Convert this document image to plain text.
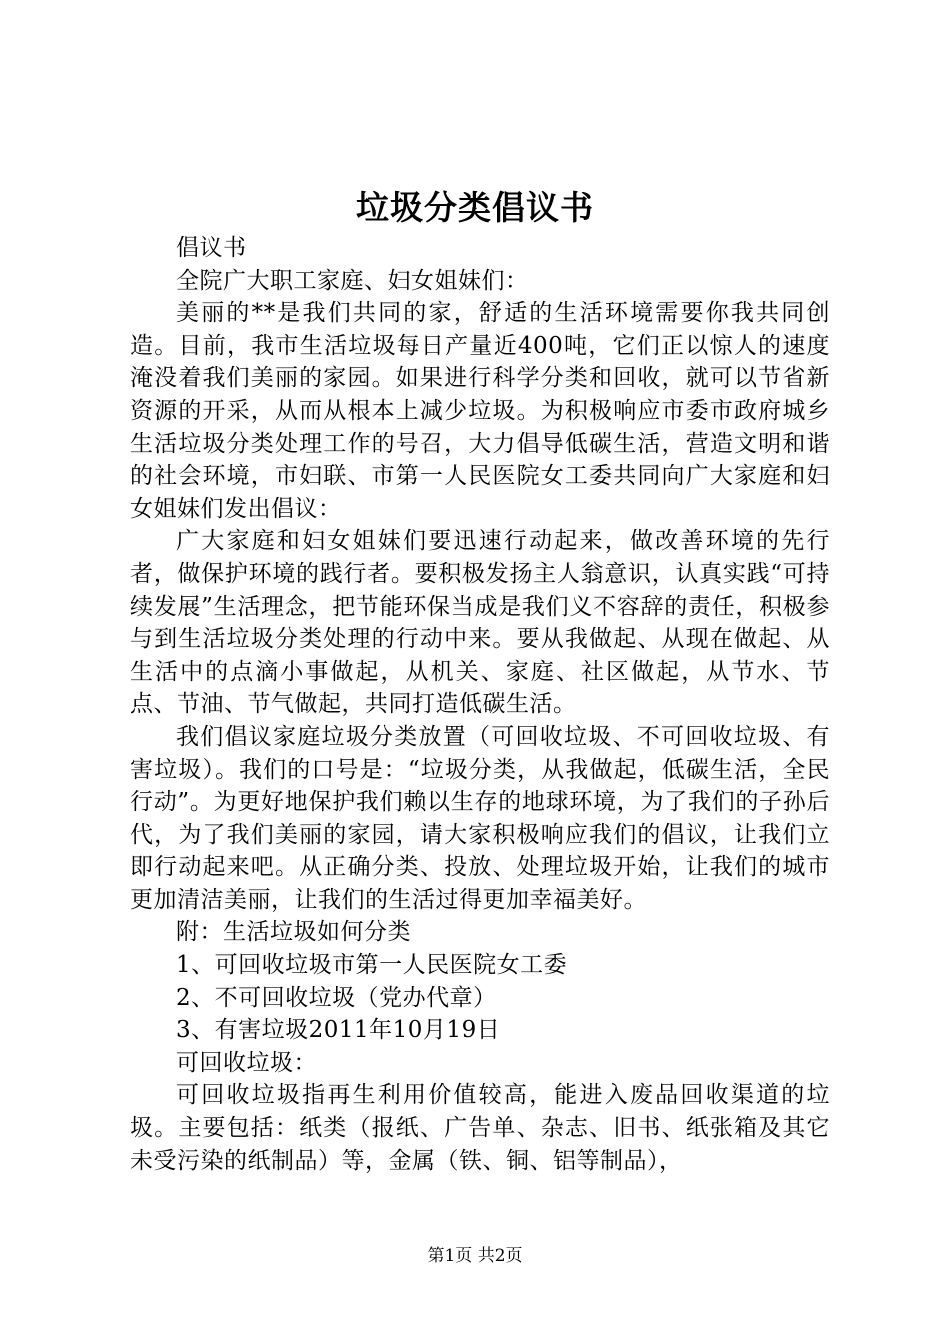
垃圾分类倡议书

倡议书

全院广大职工家庭、妇女姐妹们：

美丽的**是我们共同的家，舒适的生活环境需要你我共同创造。目前，我市生活垃圾每日产量近400吨，它们正以惊人的速度淹没着我们美丽的家园。如果进行科学分类和回收，就可以节省新资源的开采，从而从根本上减少垃圾。为积极响应市委市政府城乡生活垃圾分类处理工作的号召，大力倡导低碳生活，营造文明和谐的社会环境，市妇联、市第一人民医院女工委共同向广大家庭和妇女姐妹们发出倡议：

广大家庭和妇女姐妹们要迅速行动起来，做改善环境的先行者，做保护环境的践行者。要积极发扬主人翁意识，认真实践“可持续发展”生活理念，把节能环保当成是我们义不容辞的责任，积极参与到生活垃圾分类处理的行动中来。要从我做起、从现在做起、从生活中的点滴小事做起，从机关、家庭、社区做起，从节水、节点、节油、节气做起，共同打造低碳生活。

我们倡议家庭垃圾分类放置（可回收垃圾、不可回收垃圾、有害垃圾）。我们的口号是：“垃圾分类，从我做起，低碳生活，全民行动”。为更好地保护我们赖以生存的地球环境，为了我们的子孙后代，为了我们美丽的家园，请大家积极响应我们的倡议，让我们立即行动起来吧。从正确分类、投放、处理垃圾开始，让我们的城市更加清洁美丽，让我们的生活过得更加幸福美好。

附：生活垃圾如何分类

1、可回收垃圾市第一人民医院女工委

2、不可回收垃圾（党办代章）

3、有害垃圾2011年10月19日

可回收垃圾：

可回收垃圾指再生利用价值较高，能进入废品回收渠道的垃圾。主要包括：纸类（报纸、广告单、杂志、旧书、纸张箱及其它未受污染的纸制品）等，金属（铁、铜、铝等制品），

第1页 共2页
